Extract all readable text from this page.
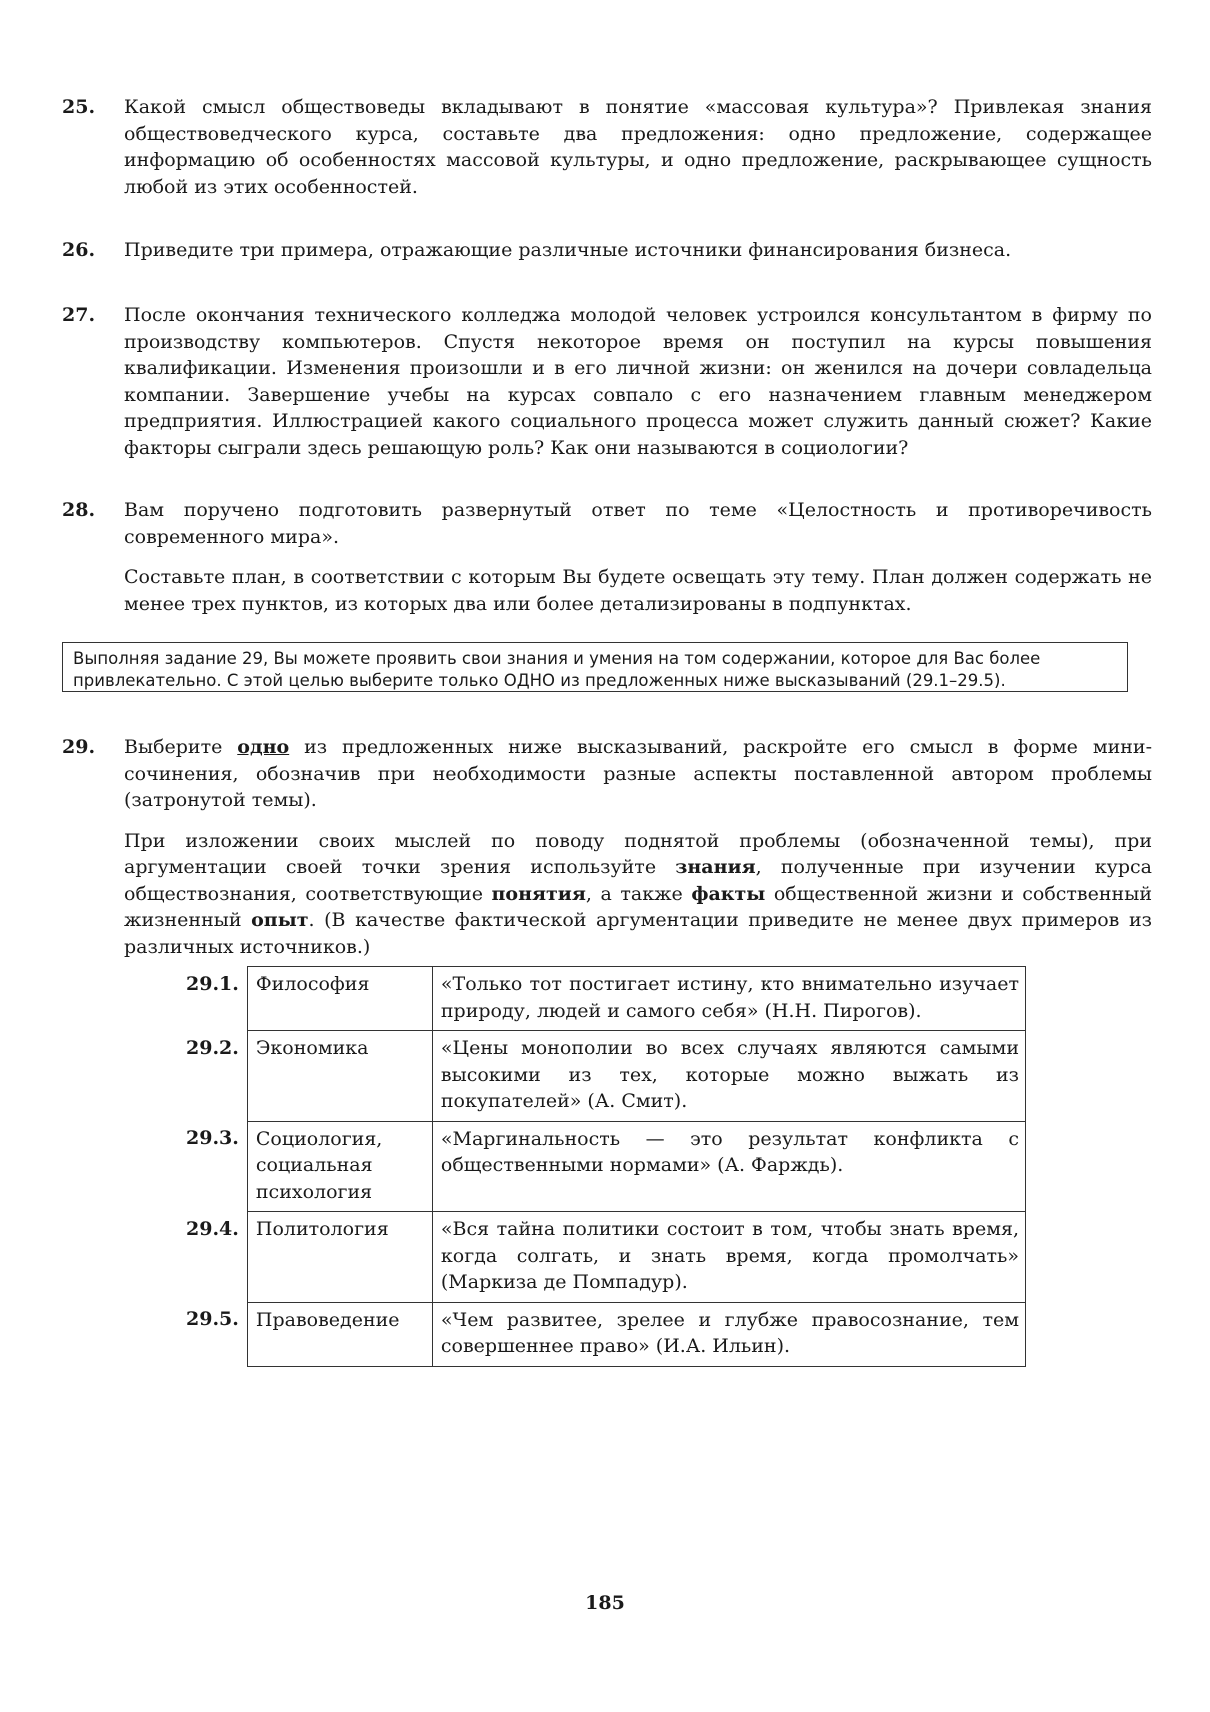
25. Какой смысл обществоведы вкладывают в понятие «массовая культура»? Привлекая знания обществоведческого курса, составьте два предложения: одно предложение, содержащее информацию об особенностях массовой культуры, и одно предложение, раскрывающее сущность любой из этих особенностей.

26. Приведите три примера, отражающие различные источники финансирования бизнеса.

27. После окончания технического колледжа молодой человек устроился консультантом в фирму по производству компьютеров. Спустя некоторое время он поступил на курсы повышения квалификации. Изменения произошли и в его личной жизни: он женился на дочери совладельца компании. Завершение учебы на курсах совпало с его назначением главным менеджером предприятия. Иллюстрацией какого социального процесса может служить данный сюжет? Какие факторы сыграли здесь решающую роль? Как они называются в социологии?

28. Вам поручено подготовить развернутый ответ по теме «Целостность и противоречивость современного мира».

Составьте план, в соответствии с которым Вы будете освещать эту тему. План должен содержать не менее трех пунктов, из которых два или более детализированы в подпунктах.

Выполняя задание 29, Вы можете проявить свои знания и умения на том содержании, которое для Вас более привлекательно. С этой целью выберите только ОДНО из предложенных ниже высказываний (29.1–29.5).
29. Выберите одно из предложенных ниже высказываний, раскройте его смысл в форме мини-сочинения, обозначив при необходимости разные аспекты поставленной автором проблемы (затронутой темы).

При изложении своих мыслей по поводу поднятой проблемы (обозначенной темы), при аргументации своей точки зрения используйте знания, полученные при изучении курса обществознания, соответствующие понятия, а также факты общественной жизни и собственный жизненный опыт. (В качестве фактической аргументации приведите не менее двух примеров из различных источников.)

29.1.	Философия	«Только тот постигает истину, кто внимательно изучает природу, людей и самого себя» (Н.Н. Пирогов).
29.2.	Экономика	«Цены монополии во всех случаях являются самыми высокими из тех, которые можно выжать из покупателей» (А. Смит).
29.3.	Социология, социальная психология	«Маргинальность — это результат конфликта с общественными нормами» (А. Фарждь).
29.4.	Политология	«Вся тайна политики состоит в том, чтобы знать время, когда солгать, и знать время, когда промолчать» (Маркиза де Помпадур).
29.5.	Правоведение	«Чем развитее, зрелее и глубже правосознание, тем совершеннее право» (И.А. Ильин).
185
